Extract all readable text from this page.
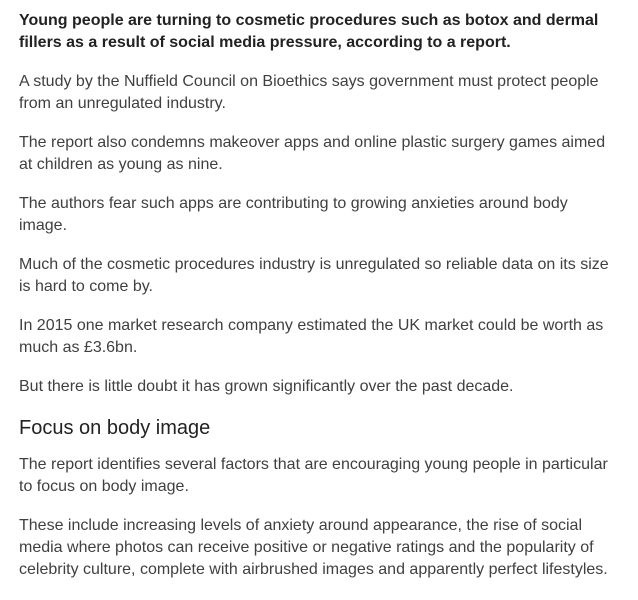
Young people are turning to cosmetic procedures such as botox and dermal fillers as a result of social media pressure, according to a report.

A study by the Nuffield Council on Bioethics says government must protect people from an unregulated industry.

The report also condemns makeover apps and online plastic surgery games aimed at children as young as nine.

The authors fear such apps are contributing to growing anxieties around body image.

Much of the cosmetic procedures industry is unregulated so reliable data on its size is hard to come by.

In 2015 one market research company estimated the UK market could be worth as much as £3.6bn.

But there is little doubt it has grown significantly over the past decade.

Focus on body image

The report identifies several factors that are encouraging young people in particular to focus on body image.

These include increasing levels of anxiety around appearance, the rise of social media where photos can receive positive or negative ratings and the popularity of celebrity culture, complete with airbrushed images and apparently perfect lifestyles.
